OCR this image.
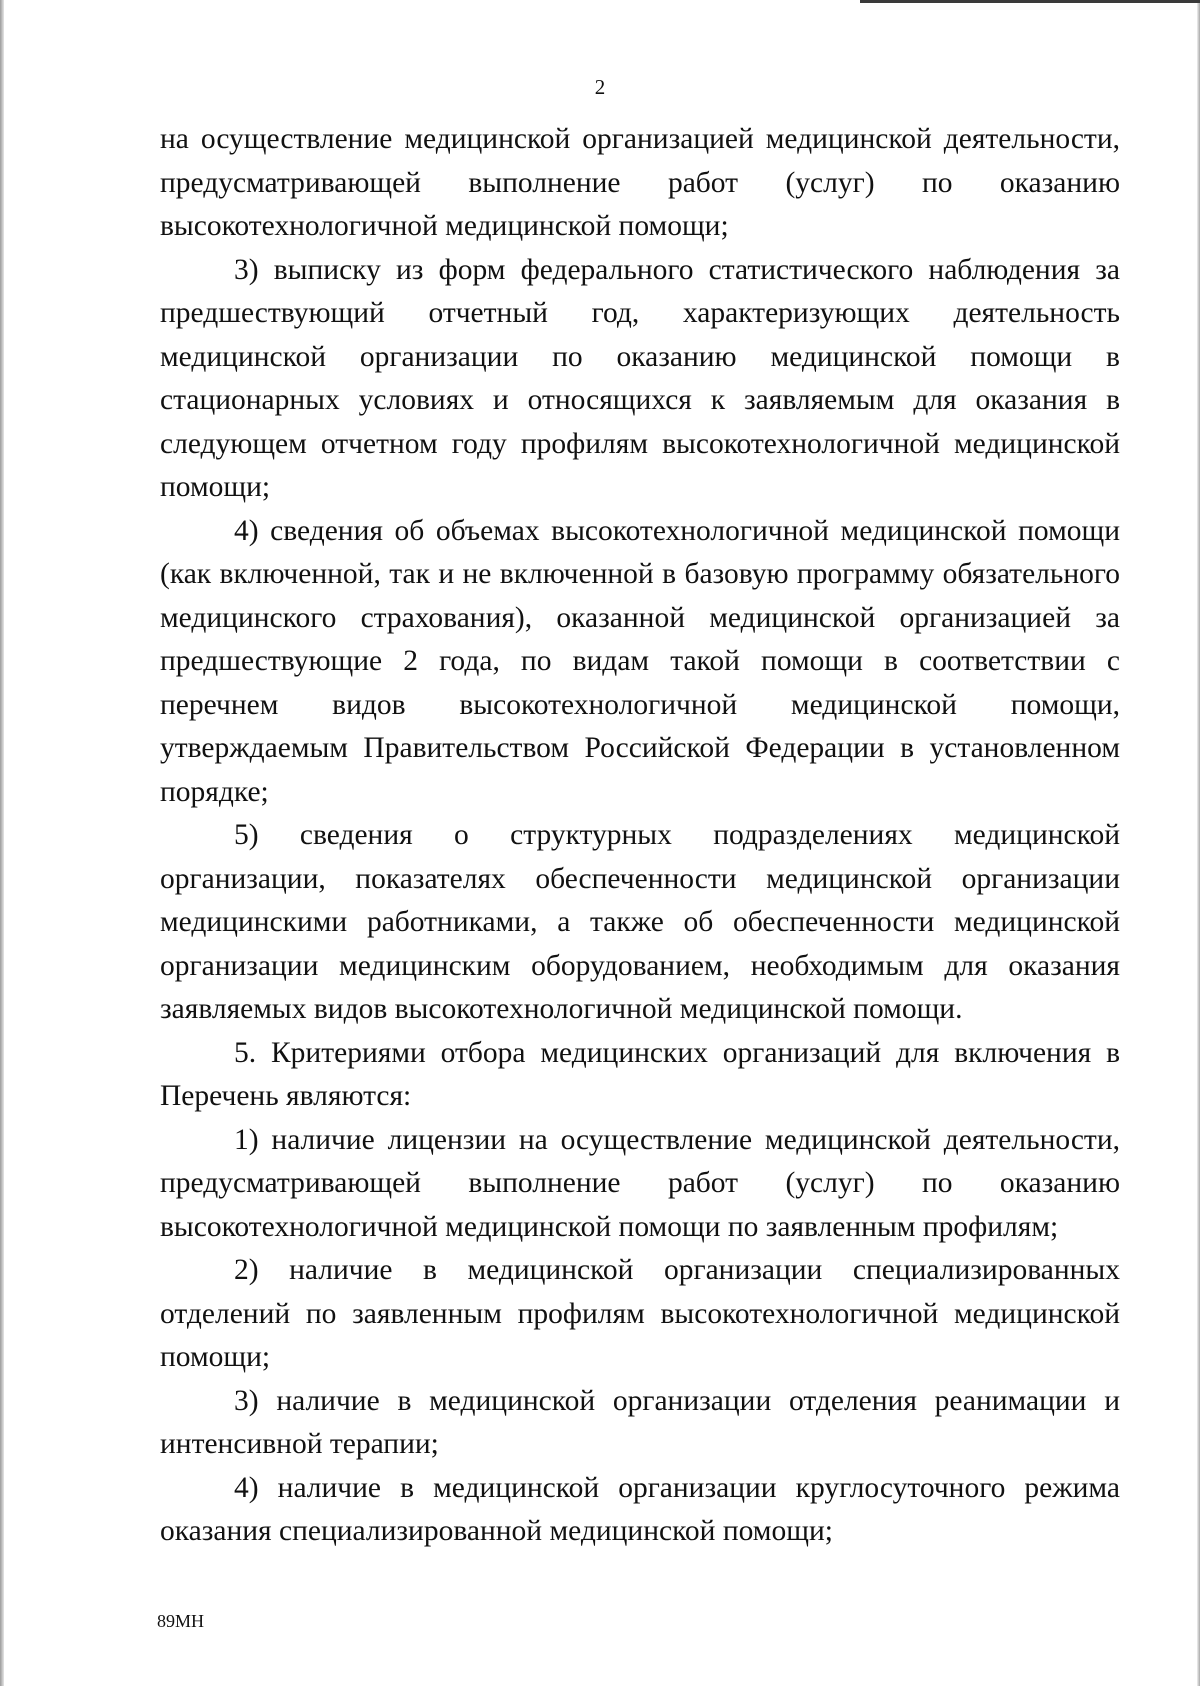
2

на осуществление медицинской организацией медицинской деятельности, предусматривающей выполнение работ (услуг) по оказанию высокотехнологичной медицинской помощи;

3) выписку из форм федерального статистического наблюдения за предшествующий отчетный год, характеризующих деятельность медицинской организации по оказанию медицинской помощи в стационарных условиях и относящихся к заявляемым для оказания в следующем отчетном году профилям высокотехнологичной медицинской помощи;

4) сведения об объемах высокотехнологичной медицинской помощи (как включенной, так и не включенной в базовую программу обязательного медицинского страхования), оказанной медицинской организацией за предшествующие 2 года, по видам такой помощи в соответствии с перечнем видов высокотехнологичной медицинской помощи, утверждаемым Правительством Российской Федерации в установленном порядке;

5) сведения о структурных подразделениях медицинской организации, показателях обеспеченности медицинской организации медицинскими работниками, а также об обеспеченности медицинской организации медицинским оборудованием, необходимым для оказания заявляемых видов высокотехнологичной медицинской помощи.

5. Критериями отбора медицинских организаций для включения в Перечень являются:

1) наличие лицензии на осуществление медицинской деятельности, предусматривающей выполнение работ (услуг) по оказанию высокотехнологичной медицинской помощи по заявленным профилям;

2) наличие в медицинской организации специализированных отделений по заявленным профилям высокотехнологичной медицинской помощи;

3) наличие в медицинской организации отделения реанимации и интенсивной терапии;

4) наличие в медицинской организации круглосуточного режима оказания специализированной медицинской помощи;

89МН
